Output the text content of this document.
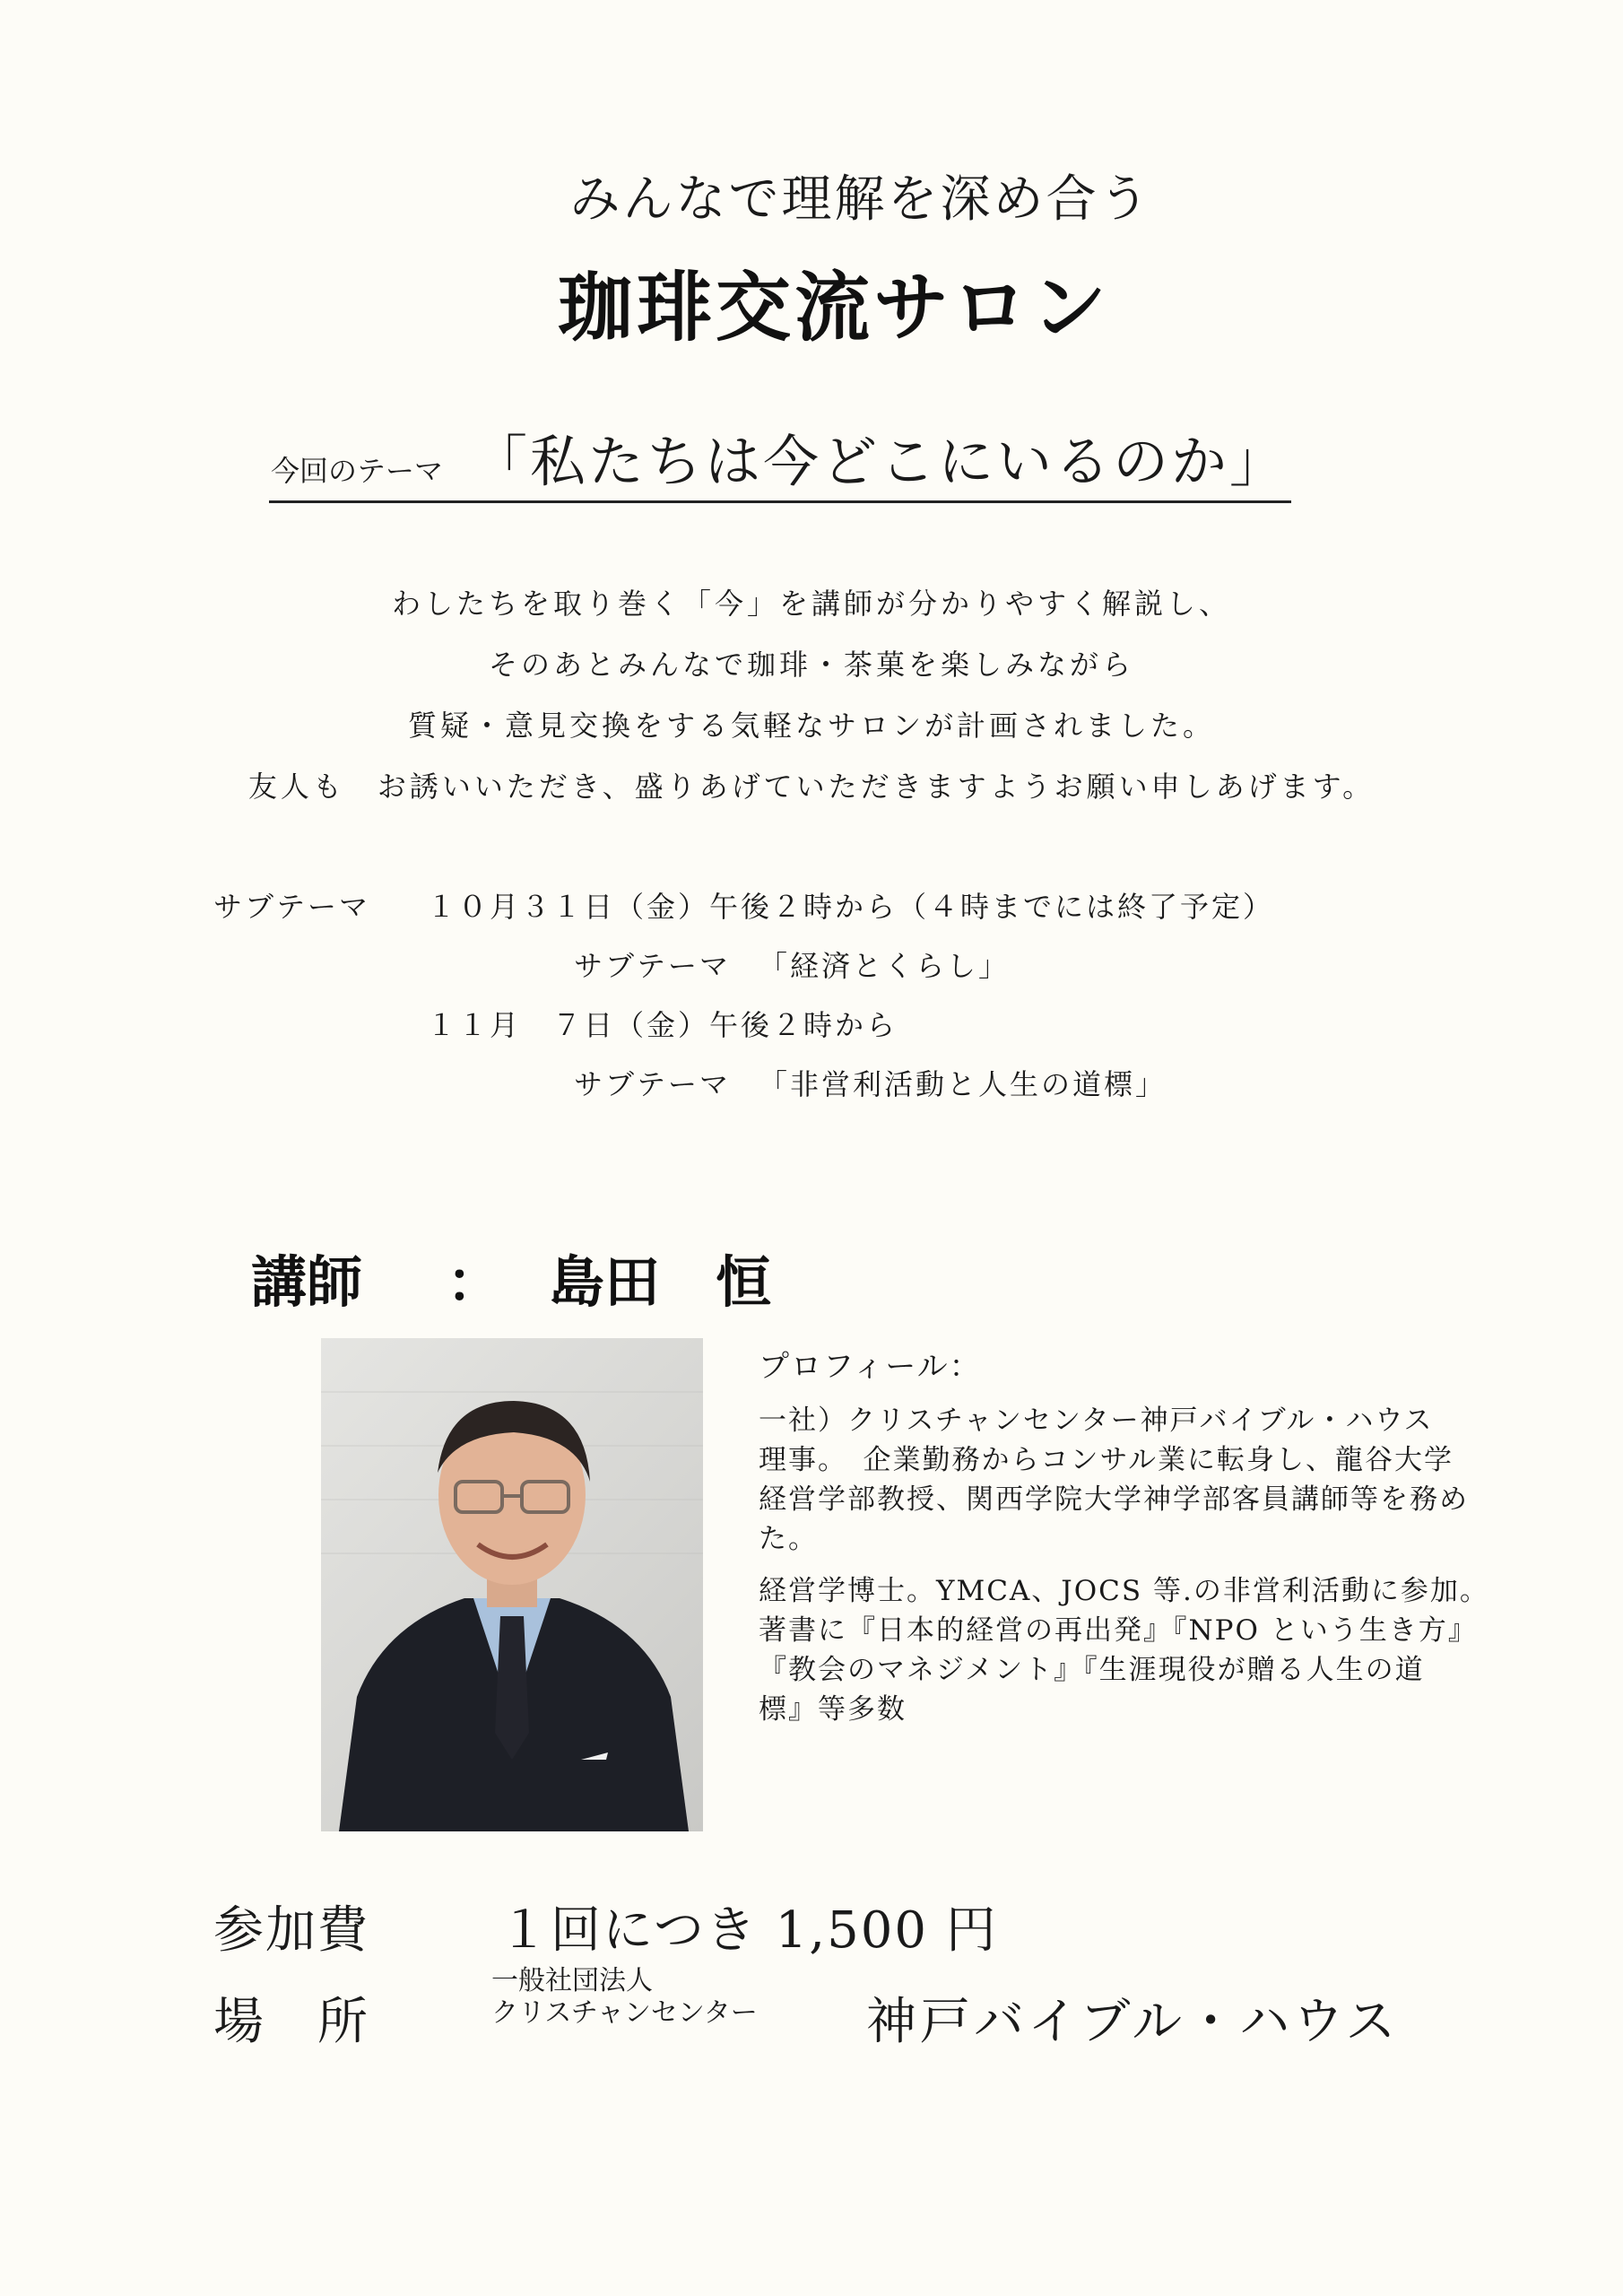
みんなで理解を深め合う
珈琲交流サロン
今回のテーマ 「私たちは今どこにいるのか」
わしたちを取り巻く「今」を講師が分かりやすく解説し、
そのあとみんなで珈琲・茶菓を楽しみながら
質疑・意見交換をする気軽なサロンが計画されました。
友人も　お誘いいただき、盛りあげていただきますようお願い申しあげます。
サブテーマ １０月３１日（金）午後２時から（４時までには終了予定）
サブテーマ 「経済とくらし」
１１月　７日（金）午後２時から
サブテーマ 「非営利活動と人生の道標」
講師 ： 島田　恒
プロフィール：
一社）クリスチャンセンター神戸バイブル・ハウス
理事。　企業勤務からコンサル業に転身し、龍谷大学
経営学部教授、関西学院大学神学部客員講師等を務め
た。
経営学博士。YMCA、JOCS 等.の非営利活動に参加。
著書に『日本的経営の再出発』『NPO という生き方』
『教会のマネジメント』『生涯現役が贈る人生の道
標』等多数
参加費	１回につき 1,500 円
場　所
一般社団法人
クリスチャンセンター 神戸バイブル・ハウス
